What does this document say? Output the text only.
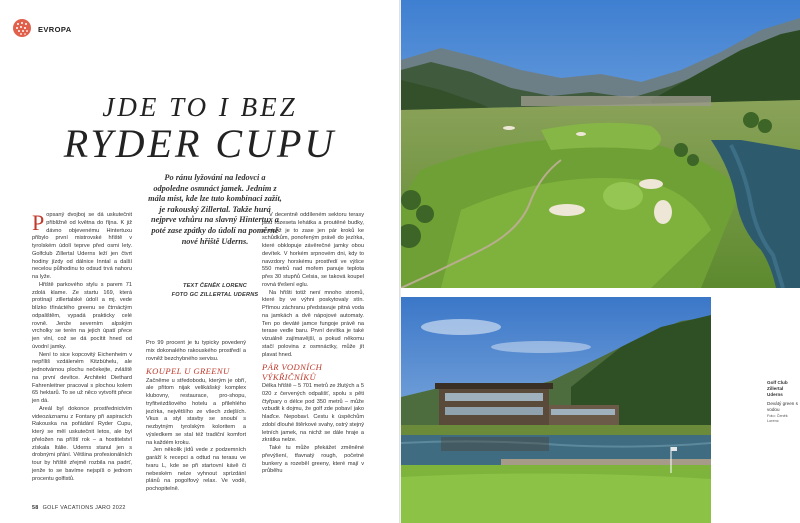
EVROPA
JDE TO I BEZ
RYDER CUPU
Po ránu lyžování na ledovci a odpoledne osmnáct jamek. Jedním z mála míst, kde lze tuto kombinaci zažít, je rakouský Zillertal. Takže hurá nejprve vzhůru na slavný Hintertux a poté zase zpátky do údolí na poměrně nové hřiště Uderns.
TEXT ČENĚK LORENC
FOTO GC ZILLERTAL UDERNS

Popsaný dvojboj se dá uskutečnit přibližně od května do října. K již dávno objevenému Hintertuxu přibylo první mistrovské hřiště v tyrolském údolí teprve před osmi lety. Golfclub Zillertal Uderns leží jen čtvrt hodiny jízdy od dálnice Inntal a další necelou půlhodinu to odsud trvá nahoru na lyže.

Hřiště parkového stylu s parem 71 zdolá klame. Ze startu 169, která protínají zillertalské údolí a mj. vede blízko třináctého greenu se čtrnáctým odpalištěm, vypadá prakticky celé rovně. Jenže severním alpským vrcholky se terén na jejich úpatí přece jen vlní, což se dá pocítit hned od úvodní jamky.

Není to sice kopcovitý Eichenheim v nepříliš vzdáleném Kitzbühelu, ale jednotvárnou plochu nečekejte, zvláště na první devítce. Architekt Diethard Fahrenleitner pracoval s plochou kolem 65 hektarů. To se už něco vytvořit přece jen dá.

Areál byl dokonce prostřednictvím videozáznamu z Fontany při aspiracích Rakouska na pořádání Ryder Cupu, který se měl uskutečnit letos, ale byl přeložen na příští rok – a hostitelství získala Itálie. Uderns stanul jen s drobnými přání. Většina profesionálních tour by hřiště zřejmě rozbila na padrť, jenže to se bavíme nejspíš o jednom procentu golfistů.

Pro 99 procent je tu typicky povedený mix dokonalého rakouského prostředí a rovněž bezchybného servisu.

KOUPEL U GREENU

Začněme u středobodu, kterým je obří, ale přitom nijak velikášský komplex klubovny, restaurace, pro-shopu, tryfitvézdšového hotelu a přilehlého jezírka, největšího ze všech zdejších. Vkus a styl stavby se snoubí s nezbytným tyrolským koloritem a výsledkem se stal též tradiční komfort na každém kroku.

Jen několik jídů vede z podzemních garáží k recepci a odtud na terasu ve tvaru L, kde se při startovní kávě či nebeském nelze vyhnout sprízdání plánů na pogolfový relax. Ve vodě, pochopitelně.

V decentně oddíleném sektoru terasy jsou rozeseta lehátka a proutěné budky, z nichž je to zase jen pár kroků ke schůdkům, ponořeným právě do jezírka, které obklopuje závěrečné jamky obou devítek. V horkém srpnovém dni, kdy to navzdory horskému prostředí ve výšce 550 metrů nad mořem panuje teplota přes 30 stupňů Celsia, se taková koupel rovná třešení eglu.

Na hřišti totiž není mnoho stromů, které by ve výhni poskytovaly stín. Přímou záchranu představuje pitná voda na jamkách a dvě nápojové automaty. Ten po deváté jamce fungoje právě na terase vedle baru. První devítka je také vizuálně zajímavější, a pokud někomu stačí polovina z osmnáctky, může jít plavat hned.

PÁR VODNÍCH
VÝKŘIČNÍKŮ

Délka hřiště – 5 701 metrů ze žlutých a 5 020 z červených odpališť, spolu s pěti čtyřpary o délce pod 350 metrů – může vzbudit k dojmu, že golf zde pobaví jako hlaďce. Nepobaví. Cestu k úspěchům zdobí dlouhé štěrkové svahy, ostrý stejný letních jamek, na nichž se dále hraje a zkrátka nelze.

Také tu může překážet změněné převýšení, tfavnatý rough, početné bunkery a rozeběl greeny, které mají v průběhu

58 GOLF VACATIONS JARO 2022
Golf Club Zillertal Uderns
Devátý green s vodou
Foto: Čeněk Lorenc
